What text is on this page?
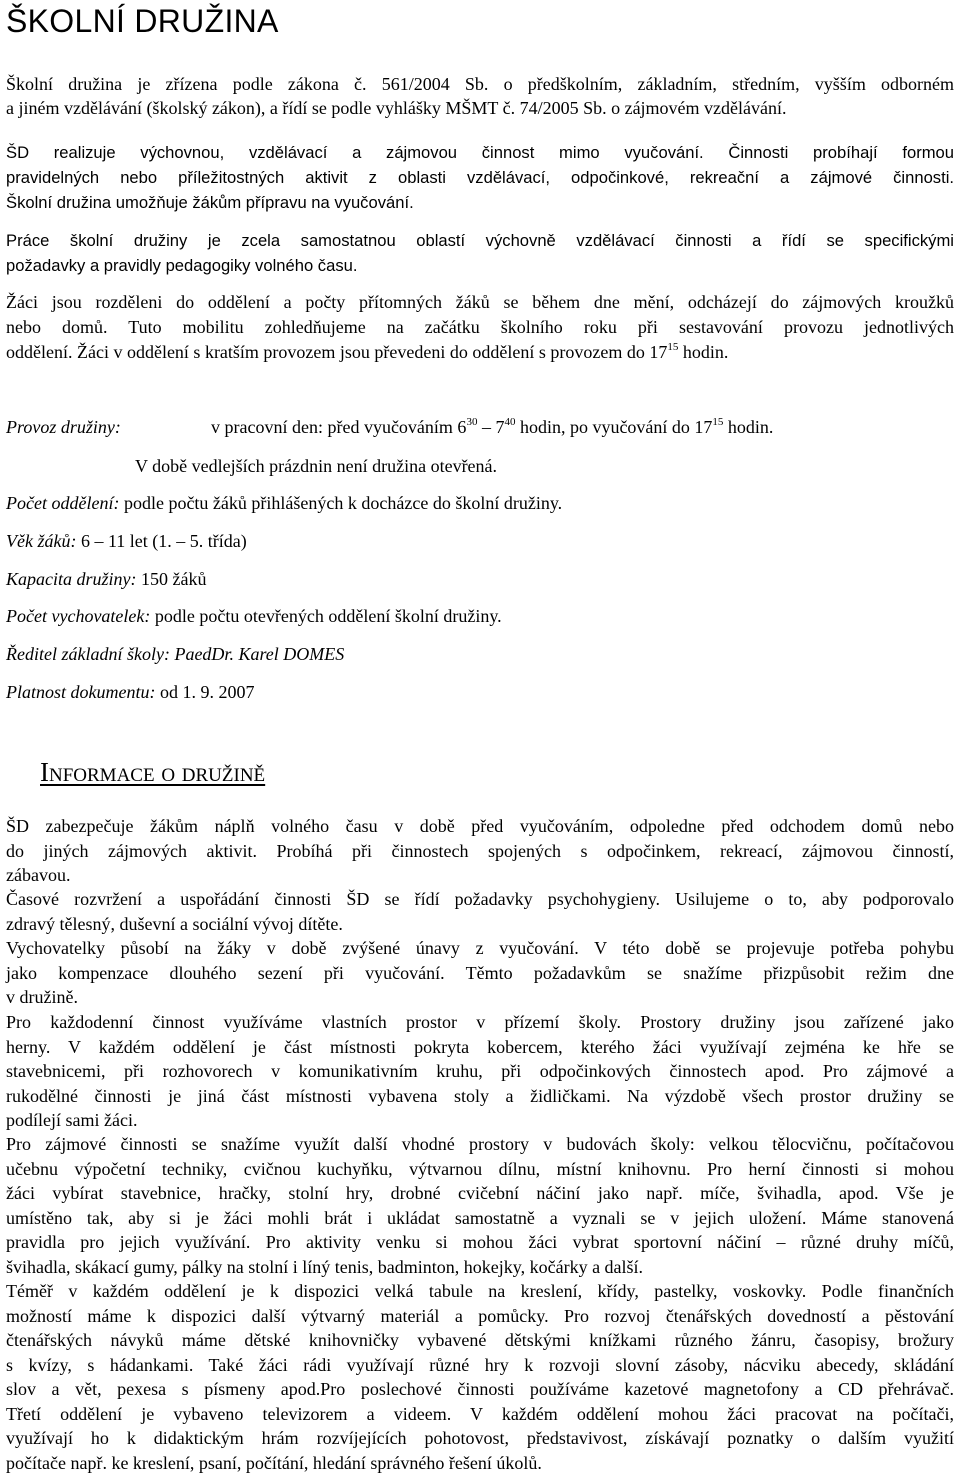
ŠKOLNÍ DRUŽINA
Školní družina je zřízena podle zákona č. 561/2004 Sb. o předškolním, základním, středním, vyšším odborném
a jiném vzdělávání (školský zákon), a řídí se podle vyhlášky MŠMT č. 74/2005 Sb. o zájmovém vzdělávání.
ŠD realizuje výchovnou, vzdělávací a zájmovou činnost mimo vyučování. Činnosti probíhají formou
pravidelných nebo příležitostných aktivit z oblasti vzdělávací, odpočinkové, rekreační a zájmové činnosti.
Školní družina umožňuje žákům přípravu na vyučování.
Práce školní družiny je zcela samostatnou oblastí výchovně vzdělávací činnosti a řídí se specifickými
požadavky a pravidly pedagogiky volného času.
Žáci jsou rozděleni do oddělení a počty přítomných žáků se během dne mění, odcházejí do zájmových kroužků
nebo domů. Tuto mobilitu zohledňujeme na začátku školního roku při sestavování provozu jednotlivých
oddělení. Žáci v oddělení s kratším provozem jsou převedeni do oddělení s provozem do $17^{15}$ hodin.
Provoz družiny:	v pracovní den: před vyučováním $6^{30} - 7^{40}$ hodin, po vyučování do $17^{15}$ hodin.
V době vedlejších prázdnin není družina otevřená.
Počet oddělení: podle počtu žáků přihlášených k docházce do školní družiny.
Věk žáků: 6 – 11 let (1. – 5. třída)
Kapacita družiny: 150 žáků
Počet vychovatelek: podle počtu otevřených oddělení školní družiny.
Ředitel základní školy: PaedDr. Karel DOMES
Platnost dokumentu: od 1. 9. 2007
Informace o družině
ŠD zabezpečuje žákům náplň volného času v době před vyučováním, odpoledne před odchodem domů nebo
do jiných zájmových aktivit. Probíhá při činnostech spojených s odpočinkem, rekreací, zájmovou činností,
zábavou.
Časové rozvržení a uspořádání činnosti ŠD se řídí požadavky psychohygieny. Usilujeme o to, aby podporovalo
zdravý tělesný, duševní a sociální vývoj dítěte.
Vychovatelky působí na žáky v době zvýšené únavy z vyučování. V této době se projevuje potřeba pohybu
jako kompenzace dlouhého sezení při vyučování. Těmto požadavkům se snažíme přizpůsobit režim dne
v družině.
Pro každodenní činnost využíváme vlastních prostor v přízemí školy. Prostory družiny jsou zařízené jako
herny. V každém oddělení je část místnosti pokryta kobercem, kterého žáci využívají zejména ke hře se
stavebnicemi, při rozhovorech v komunikativním kruhu, při odpočinkových činnostech apod. Pro zájmové a
rukodělné činnosti je jiná část místnosti vybavena stoly a židličkami. Na výzdobě všech prostor družiny se
podílejí sami žáci.
Pro zájmové činnosti se snažíme využít další vhodné prostory v budovách školy: velkou tělocvičnu, počítačovou
učebnu výpočetní techniky, cvičnou kuchyňku, výtvarnou dílnu, místní knihovnu. Pro herní činnosti si mohou
žáci vybírat stavebnice, hračky, stolní hry, drobné cvičební náčiní jako např. míče, švihadla, apod. Vše je
umístěno tak, aby si je žáci mohli brát i ukládat samostatně a vyznali se v jejich uložení. Máme stanovená
pravidla pro jejich využívání. Pro aktivity venku si mohou žáci vybrat sportovní náčiní – různé druhy míčů,
švihadla, skákací gumy, pálky na stolní i líný tenis, badminton, hokejky, kočárky a další.
Téměř v každém oddělení je k dispozici velká tabule na kreslení, křídy, pastelky, voskovky. Podle finančních
možností máme k dispozici další výtvarný materiál a pomůcky. Pro rozvoj čtenářských dovedností a pěstování
čtenářských návyků máme dětské knihovničky vybavené dětskými knížkami různého žánru, časopisy, brožury
s kvízy, s hádankami. Také žáci rádi využívají různé hry k rozvoji slovní zásoby, nácviku abecedy, skládání
slov a vět, pexesa s písmeny apod.Pro poslechové činnosti používáme kazetové magnetofony a CD přehrávač.
Třetí oddělení je vybaveno televizorem a videem. V každém oddělení mohou žáci pracovat na počítači,
využívají ho k didaktickým hrám rozvíjejících pohotovost, představivost, získávají poznatky o dalším využití
počítače např. ke kreslení, psaní, počítání, hledání správného řešení úkolů.
